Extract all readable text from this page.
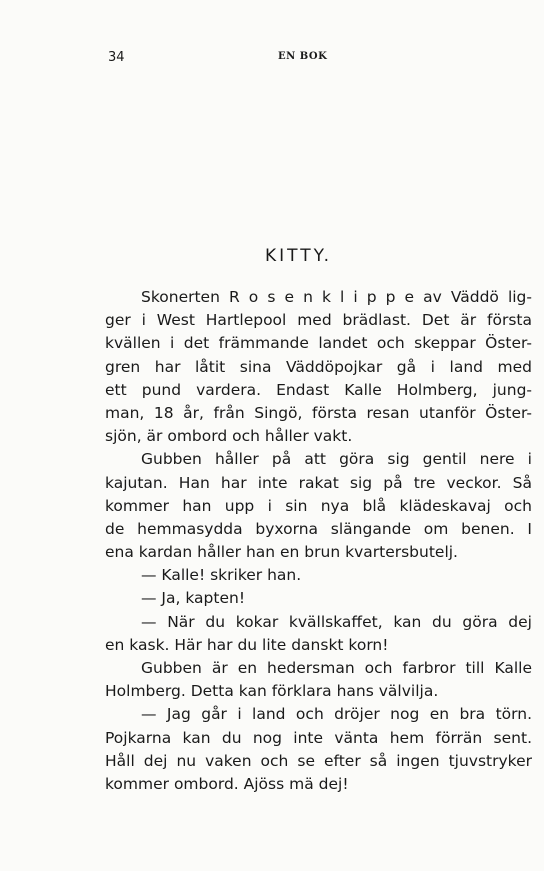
34	EN BOK
KITTY.
Skonerten R o s e n k l i p p e av Väddö lig-
ger i West Hartlepool med brädlast. Det är första
kvällen i det främmande landet och skeppar Öster-
gren har låtit sina Väddöpojkar gå i land med
ett pund vardera. Endast Kalle Holmberg, jung-
man, 18 år, från Singö, första resan utanför Öster-
sjön, är ombord och håller vakt.
Gubben håller på att göra sig gentil nere i
kajutan. Han har inte rakat sig på tre veckor. Så
kommer han upp i sin nya blå klädeskavaj och
de hemmasydda byxorna slängande om benen. I
ena kardan håller han en brun kvartersbutelj.
— Kalle! skriker han.
— Ja, kapten!
— När du kokar kvällskaffet, kan du göra dej
en kask. Här har du lite danskt korn!
Gubben är en hedersman och farbror till Kalle
Holmberg. Detta kan förklara hans välvilja.
— Jag går i land och dröjer nog en bra törn.
Pojkarna kan du nog inte vänta hem förrän sent.
Håll dej nu vaken och se efter så ingen tjuvstryker
kommer ombord. Ajöss mä dej!
